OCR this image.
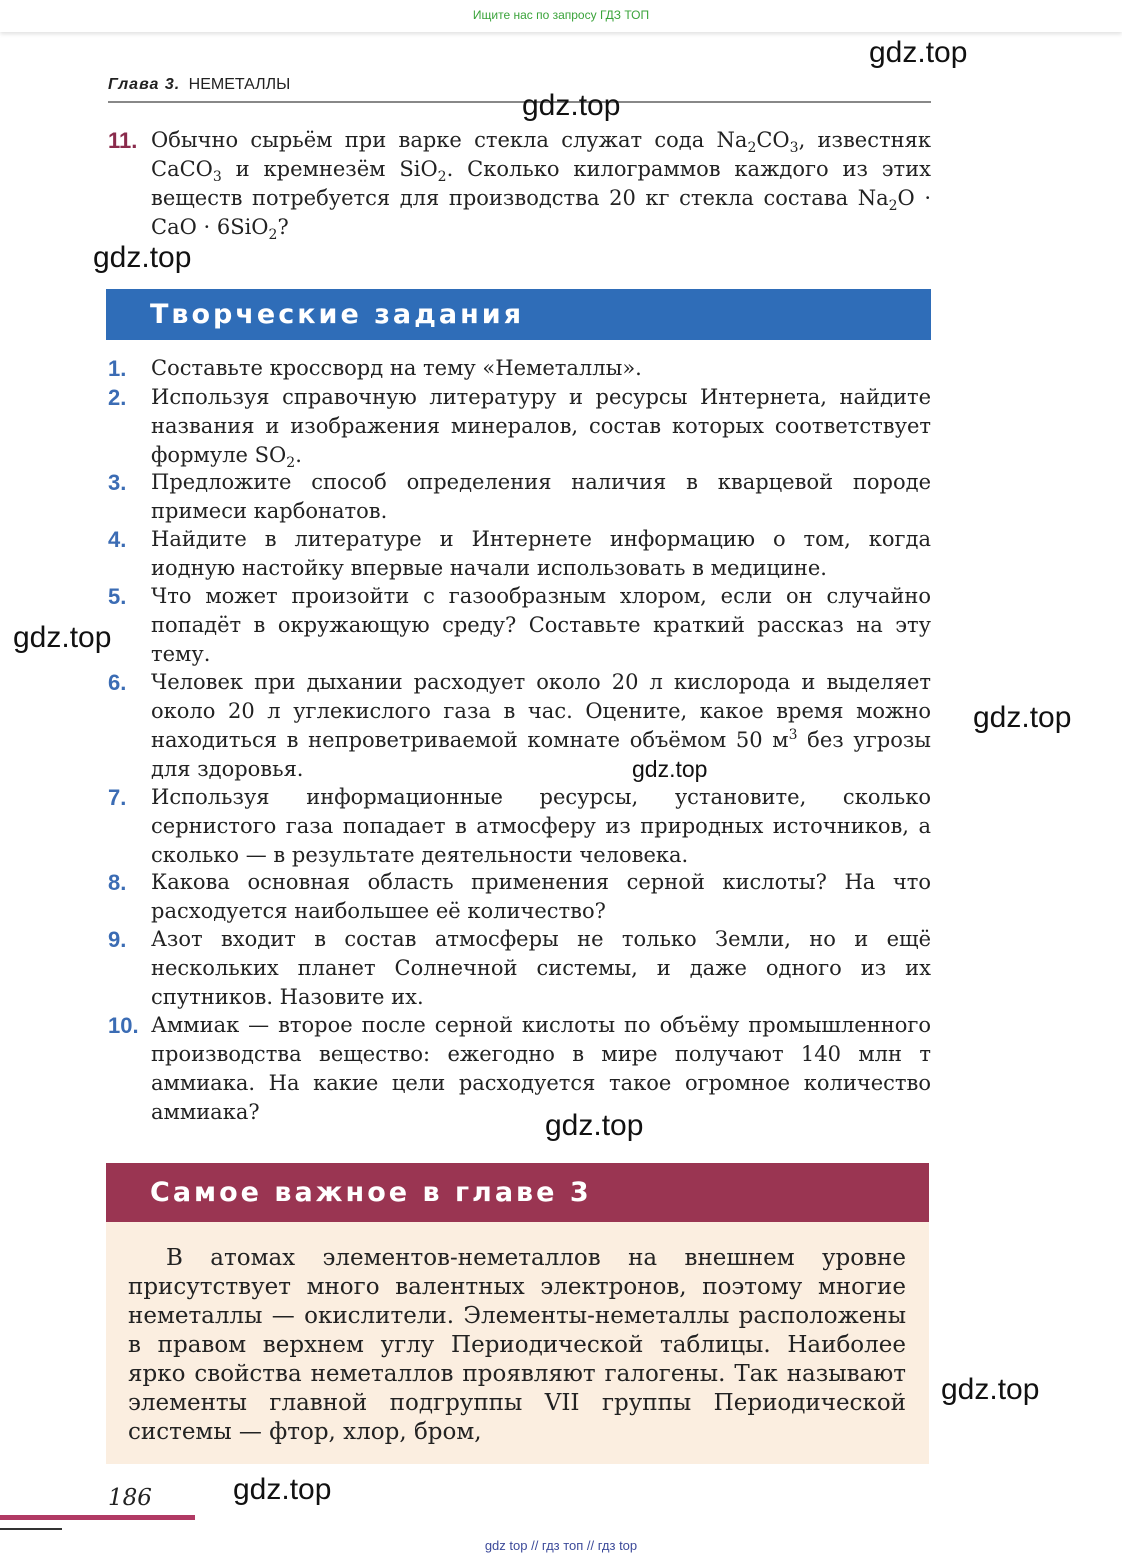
Ищите нас по запросу ГДЗ ТОП
Глава 3. НЕМЕТАЛЛЫ
11. Обычно сырьём при варке стекла служат сода $Na_2CO_3$, известняк CaCO$_3$ и кремнезём SiO$_2$. Сколько килограммов каждого из этих веществ потребуется для производства 20 кг стекла состава $Na_2O$ · CaO · 6SiO$_2$?
Творческие задания
1. Составьте кроссворд на тему «Неметаллы».
2. Используя справочную литературу и ресурсы Интернета, найдите названия и изображения минералов, состав которых соответствует формуле $SO_2$.
3. Предложите способ определения наличия в кварцевой породе примеси карбонатов.
4. Найдите в литературе и Интернете информацию о том, когда иодную настойку впервые начали использовать в медицине.
5. Что может произойти с газообразным хлором, если он случайно попадёт в окружающую среду? Составьте краткий рассказ на эту тему.
6. Человек при дыхании расходует около 20 л кислорода и выделяет около 20 л углекислого газа в час. Оцените, какое время можно находиться в непроветриваемой комнате объёмом 50 $м^3$ без угрозы для здоровья.
7. Используя информационные ресурсы, установите, сколько сернистого газа попадает в атмосферу из природных источников, а сколько — в результате деятельности человека.
8. Какова основная область применения серной кислоты? На что расходуется наибольшее её количество?
9. Азот входит в состав атмосферы не только Земли, но и ещё нескольких планет Солнечной системы, и даже одного из их спутников. Назовите их.
10. Аммиак — второе после серной кислоты по объёму промышленного производства вещество: ежегодно в мире получают 140 млн т аммиака. На какие цели расходуется такое огромное количество аммиака?
Самое важное в главе 3

В атомах элементов-неметаллов на внешнем уровне присутствует много валентных электронов, поэтому многие неметаллы — окислители. Элементы-неметаллы расположены в правом верхнем углу Периодической таблицы. Наиболее ярко свойства неметаллов проявляют галогены. Так называют элементы главной подгруппы VII группы Периодической системы — фтор, хлор, бром,

186
gdz.top
gdz.top
gdz.top
gdz.top
gdz.top
gdz.top
gdz.top
gdz.top
gdz.top
gdz top // гдз топ // гдз top
